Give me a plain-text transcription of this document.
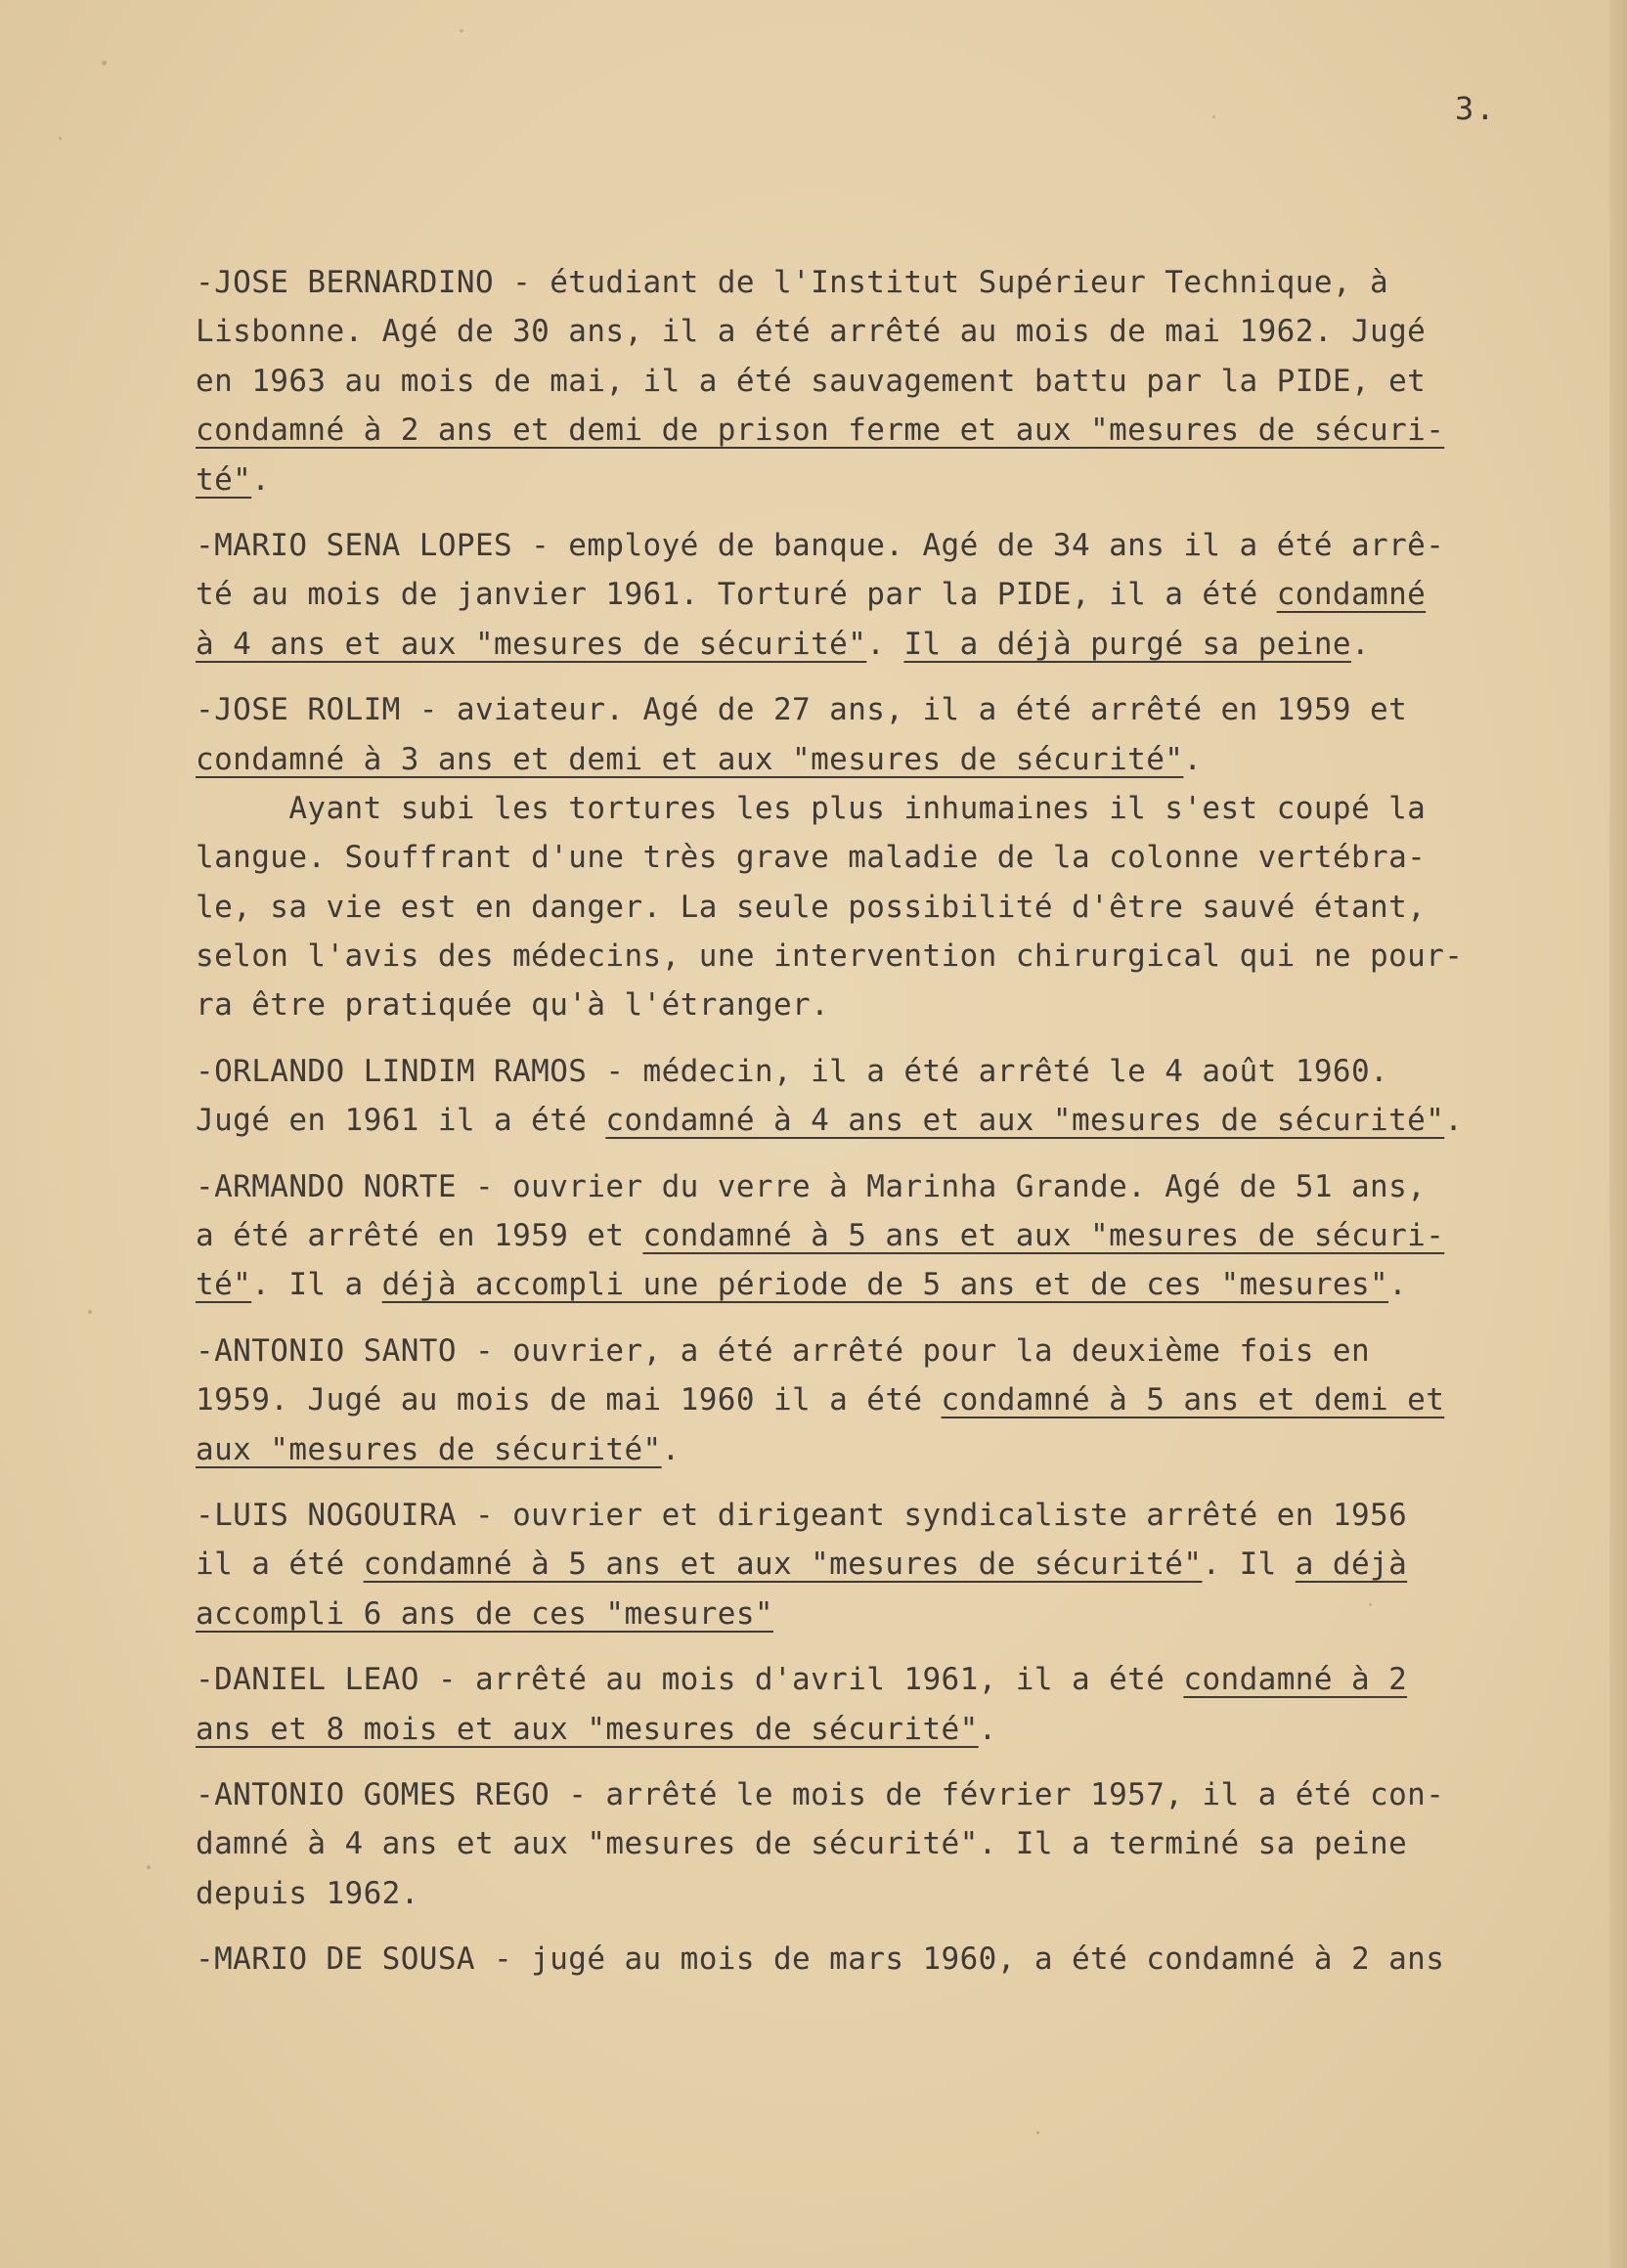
3.
-JOSE BERNARDINO - étudiant de l'Institut Supérieur Technique, à
Lisbonne. Agé de 30 ans, il a été arrêté au mois de mai 1962. Jugé
en 1963 au mois de mai, il a été sauvagement battu par la PIDE, et
condamné à 2 ans et demi de prison ferme et aux "mesures de sécuri-
té".
-MARIO SENA LOPES - employé de banque. Agé de 34 ans il a été arrê-
té au mois de janvier 1961. Torturé par la PIDE, il a été condamné
à 4 ans et aux "mesures de sécurité". Il a déjà purgé sa peine.
-JOSE ROLIM - aviateur. Agé de 27 ans, il a été arrêté en 1959 et
condamné à 3 ans et demi et aux "mesures de sécurité".
Ayant subi les tortures les plus inhumaines il s'est coupé la
langue. Souffrant d'une très grave maladie de la colonne vertébra-
le, sa vie est en danger. La seule possibilité d'être sauvé étant,
selon l'avis des médecins, une intervention chirurgical qui ne pour-
ra être pratiquée qu'à l'étranger.
-ORLANDO LINDIM RAMOS - médecin, il a été arrêté le 4 août 1960.
Jugé en 1961 il a été condamné à 4 ans et aux "mesures de sécurité".
-ARMANDO NORTE - ouvrier du verre à Marinha Grande. Agé de 51 ans,
a été arrêté en 1959 et condamné à 5 ans et aux "mesures de sécuri-
té". Il a déjà accompli une période de 5 ans et de ces "mesures".
-ANTONIO SANTO - ouvrier, a été arrêté pour la deuxième fois en
1959. Jugé au mois de mai 1960 il a été condamné à 5 ans et demi et
aux "mesures de sécurité".
-LUIS NOGOUIRA - ouvrier et dirigeant syndicaliste arrêté en 1956
il a été condamné à 5 ans et aux "mesures de sécurité". Il a déjà
accompli 6 ans de ces "mesures"
-DANIEL LEAO - arrêté au mois d'avril 1961, il a été condamné à 2
ans et 8 mois et aux "mesures de sécurité".
-ANTONIO GOMES REGO - arrêté le mois de février 1957, il a été con-
damné à 4 ans et aux "mesures de sécurité". Il a terminé sa peine
depuis 1962.
-MARIO DE SOUSA - jugé au mois de mars 1960, a été condamné à 2 ans
